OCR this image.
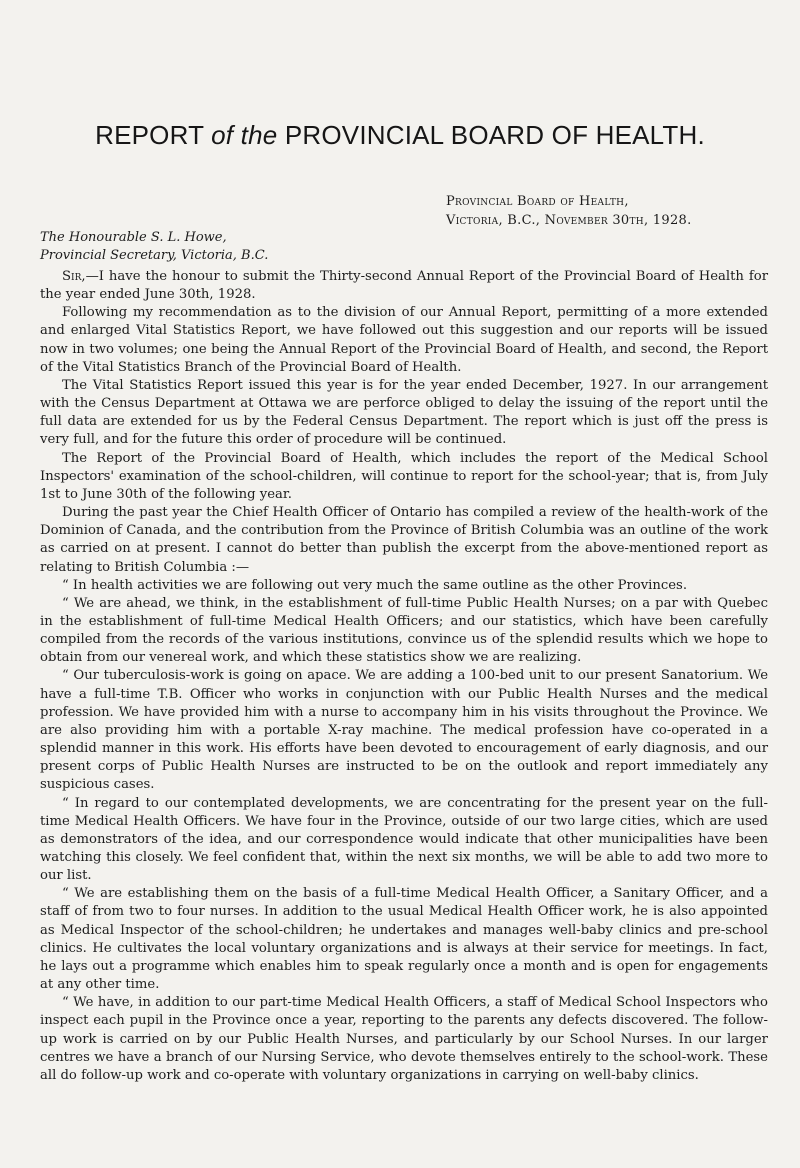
REPORT of the PROVINCIAL BOARD OF HEALTH.
Provincial Board of Health,
Victoria, B.C., November 30th, 1928.
The Honourable S. L. Howe,
Provincial Secretary, Victoria, B.C.

Sir,—I have the honour to submit the Thirty-second Annual Report of the Provincial Board of Health for the year ended June 30th, 1928.

Following my recommendation as to the division of our Annual Report, permitting of a more extended and enlarged Vital Statistics Report, we have followed out this suggestion and our reports will be issued now in two volumes; one being the Annual Report of the Provincial Board of Health, and second, the Report of the Vital Statistics Branch of the Provincial Board of Health.

The Vital Statistics Report issued this year is for the year ended December, 1927. In our arrangement with the Census Department at Ottawa we are perforce obliged to delay the issuing of the report until the full data are extended for us by the Federal Census Department. The report which is just off the press is very full, and for the future this order of procedure will be continued.

The Report of the Provincial Board of Health, which includes the report of the Medical School Inspectors' examination of the school-children, will continue to report for the school-year; that is, from July 1st to June 30th of the following year.

During the past year the Chief Health Officer of Ontario has compiled a review of the health-work of the Dominion of Canada, and the contribution from the Province of British Columbia was an outline of the work as carried on at present. I cannot do better than publish the excerpt from the above-mentioned report as relating to British Columbia :—

“ In health activities we are following out very much the same outline as the other Provinces.

“ We are ahead, we think, in the establishment of full-time Public Health Nurses; on a par with Quebec in the establishment of full-time Medical Health Officers; and our statistics, which have been carefully compiled from the records of the various institutions, convince us of the splendid results which we hope to obtain from our venereal work, and which these statistics show we are realizing.

“ Our tuberculosis-work is going on apace. We are adding a 100-bed unit to our present Sanatorium. We have a full-time T.B. Officer who works in conjunction with our Public Health Nurses and the medical profession. We have provided him with a nurse to accompany him in his visits throughout the Province. We are also providing him with a portable X-ray machine. The medical profession have co-operated in a splendid manner in this work. His efforts have been devoted to encouragement of early diagnosis, and our present corps of Public Health Nurses are instructed to be on the outlook and report immediately any suspicious cases.

“ In regard to our contemplated developments, we are concentrating for the present year on the full-time Medical Health Officers. We have four in the Province, outside of our two large cities, which are used as demonstrators of the idea, and our correspondence would indicate that other municipalities have been watching this closely. We feel confident that, within the next six months, we will be able to add two more to our list.

“ We are establishing them on the basis of a full-time Medical Health Officer, a Sanitary Officer, and a staff of from two to four nurses. In addition to the usual Medical Health Officer work, he is also appointed as Medical Inspector of the school-children; he undertakes and manages well-baby clinics and pre-school clinics. He cultivates the local voluntary organizations and is always at their service for meetings. In fact, he lays out a programme which enables him to speak regularly once a month and is open for engagements at any other time.

“ We have, in addition to our part-time Medical Health Officers, a staff of Medical School Inspectors who inspect each pupil in the Province once a year, reporting to the parents any defects discovered. The follow-up work is carried on by our Public Health Nurses, and particularly by our School Nurses. In our larger centres we have a branch of our Nursing Service, who devote themselves entirely to the school-work. These all do follow-up work and co-operate with voluntary organizations in carrying on well-baby clinics.
